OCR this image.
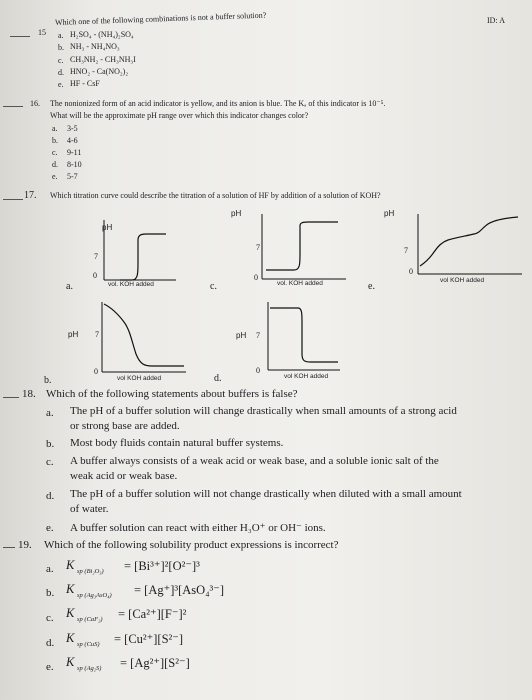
ID: A
15
Which one of the following combinations is not a buffer solution?
a. H₂SO₄ - (NH₄)₂SO₄
b. NH₃ - NH₄NO₃
c. CH₃NH₂ - CH₃NH₃I
d. HNO₂ - Ca(NO₂)₂
e. HF - CsF
16. The nonionized form of an acid indicator is yellow, and its anion is blue. The Kₐ of this indicator is 10⁻⁵.
What will be the approximate pH range over which this indicator changes color?
a. 3-5
b. 4-6
c. 9-11
d. 8-10
e. 5-7
17. Which titration curve could describe the titration of a solution of HF by addition of a solution of KOH?
a.
pH
7
0
vol. KOH added	c.
pH
7
0
vol. KOH added	e.
pH
7
0
vol KOH added
b.
pH 7
0
vol KOH added	d.
pH 7
0
vol KOH added
18. Which of the following statements about buffers is false?
a. The pH of a buffer solution will change drastically when small amounts of a strong acid
or strong base are added.
b. Most body fluids contain natural buffer systems.
c. A buffer always consists of a weak acid or weak base, and a soluble ionic salt of the
weak acid or weak base.
d. The pH of a buffer solution will not change drastically when diluted with a small amount
of water.
e. A buffer solution can react with either H₃O⁺ or OH⁻ ions.
19. Which of the following solubility product expressions is incorrect?
a. K sp (Bi₂O₃) = [Bi³⁺]²[O²⁻]³
b. K sp (Ag₃AsO₄) = [Ag⁺]³[AsO₄³⁻]
c. K sp (CaF₂) = [Ca²⁺][F⁻]²
d. K sp (CuS) = [Cu²⁺][S²⁻]
e. K sp (Ag₂S) = [Ag²⁺][S²⁻]
